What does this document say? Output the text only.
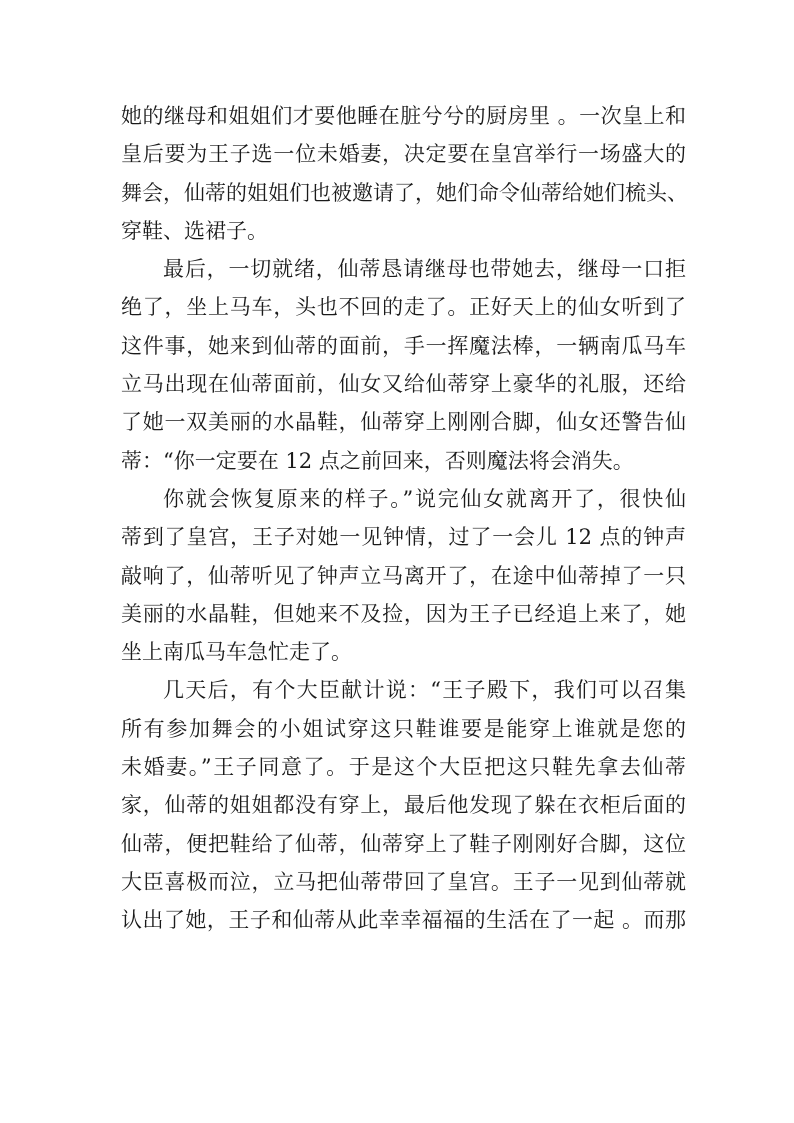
她的继母和姐姐们才要他睡在脏兮兮的厨房里 。一次皇上和
皇后要为王子选一位未婚妻，决定要在皇宫举行一场盛大的
舞会，仙蒂的姐姐们也被邀请了，她们命令仙蒂给她们梳头、
穿鞋、选裙子。
最后，一切就绪，仙蒂恳请继母也带她去，继母一口拒
绝了，坐上马车，头也不回的走了。正好天上的仙女听到了
这件事，她来到仙蒂的面前，手一挥魔法棒，一辆南瓜马车
立马出现在仙蒂面前，仙女又给仙蒂穿上豪华的礼服，还给
了她一双美丽的水晶鞋，仙蒂穿上刚刚合脚，仙女还警告仙
蒂：“你一定要在 12 点之前回来，否则魔法将会消失。
你就会恢复原来的样子。”说完仙女就离开了，很快仙
蒂到了皇宫，王子对她一见钟情，过了一会儿 12 点的钟声
敲响了，仙蒂听见了钟声立马离开了，在途中仙蒂掉了一只
美丽的水晶鞋，但她来不及捡，因为王子已经追上来了，她
坐上南瓜马车急忙走了。
几天后，有个大臣献计说：“王子殿下，我们可以召集
所有参加舞会的小姐试穿这只鞋谁要是能穿上谁就是您的
未婚妻。”王子同意了。于是这个大臣把这只鞋先拿去仙蒂
家，仙蒂的姐姐都没有穿上，最后他发现了躲在衣柜后面的
仙蒂，便把鞋给了仙蒂，仙蒂穿上了鞋子刚刚好合脚，这位
大臣喜极而泣，立马把仙蒂带回了皇宫。王子一见到仙蒂就
认出了她，王子和仙蒂从此幸幸福福的生活在了一起 。而那
